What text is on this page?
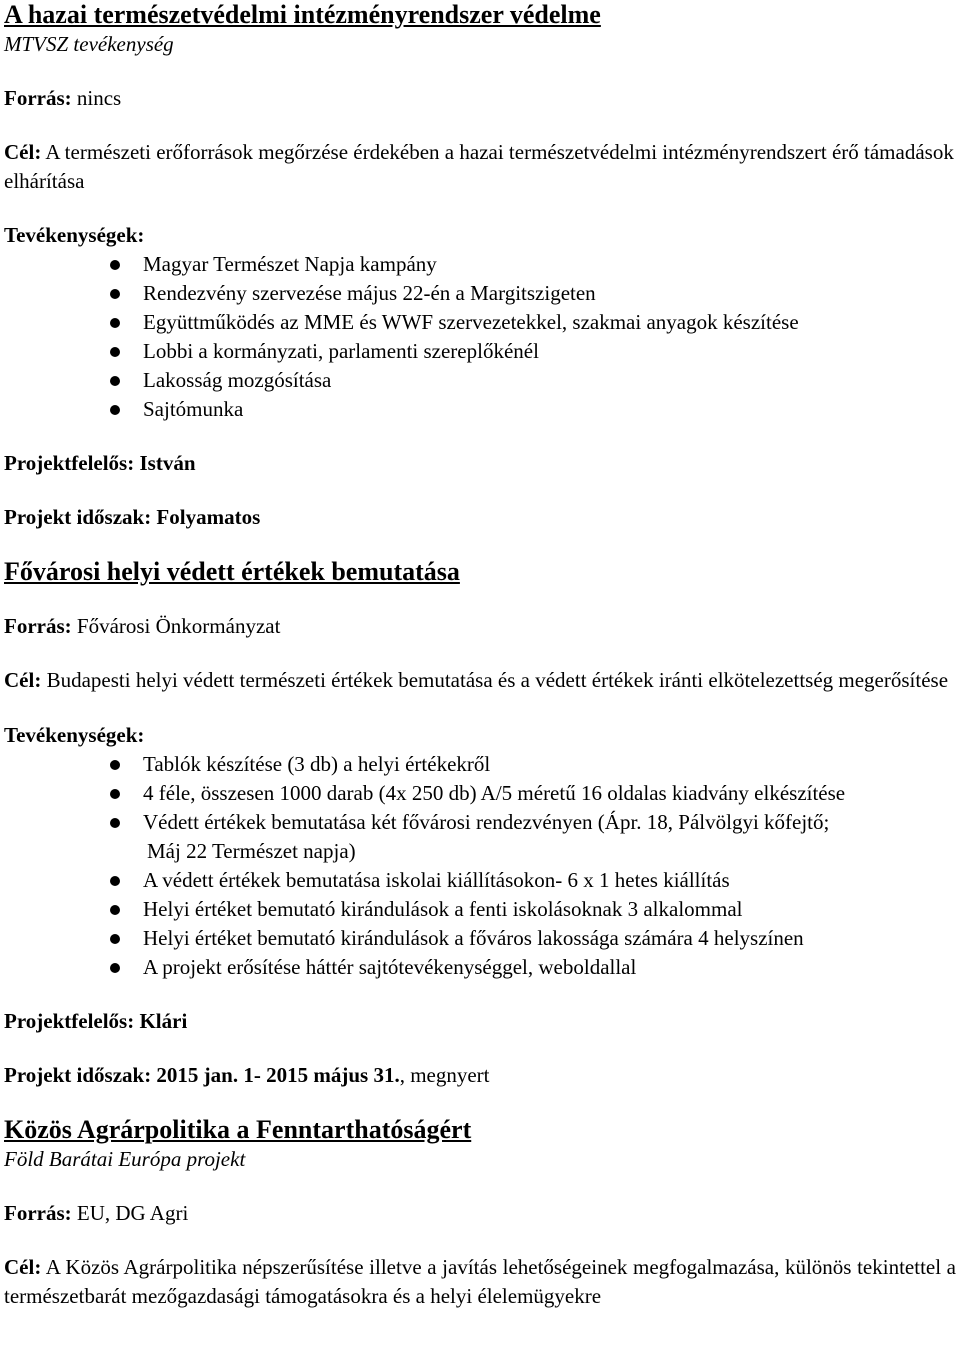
A hazai természetvédelmi intézményrendszer védelme

MTVSZ tevékenység

Forrás: nincs

Cél: A természeti erőforrások megőrzése érdekében a hazai természetvédelmi intézményrendszert érő támadások elhárítása

Tevékenységek:

Magyar Természet Napja kampány
Rendezvény szervezése május 22-én a Margitszigeten
Együttműködés az MME és WWF szervezetekkel, szakmai anyagok készítése
Lobbi a kormányzati, parlamenti szereplőkénél
Lakosság mozgósítása
Sajtómunka

Projektfelelős: István

Projekt időszak: Folyamatos

Fővárosi helyi védett értékek bemutatása

Forrás: Fővárosi Önkormányzat

Cél: Budapesti helyi védett természeti értékek bemutatása és a védett értékek iránti elkötelezettség megerősítése

Tevékenységek:

Tablók készítése (3 db) a helyi értékekről
4 féle, összesen 1000 darab (4x 250 db) A/5 méretű 16 oldalas kiadvány elkészítése
Védett értékek bemutatása két fővárosi rendezvényen (Ápr. 18, Pálvölgyi kőfejtő;
Máj 22 Természet napja)
A védett értékek bemutatása iskolai kiállításokon- 6 x 1 hetes kiállítás
Helyi értéket bemutató kirándulások a fenti iskolásoknak 3 alkalommal
Helyi értéket bemutató kirándulások a főváros lakossága számára 4 helyszínen
A projekt erősítése háttér sajtótevékenységgel, weboldallal

Projektfelelős: Klári

Projekt időszak: 2015 jan. 1- 2015 május 31., megnyert

Közös Agrárpolitika a Fenntarthatóságért

Föld Barátai Európa projekt

Forrás: EU, DG Agri

Cél: A Közös Agrárpolitika népszerűsítése illetve a javítás lehetőségeinek megfogalmazása, különös tekintettel a természetbarát mezőgazdasági támogatásokra és a helyi élelemügyekre
